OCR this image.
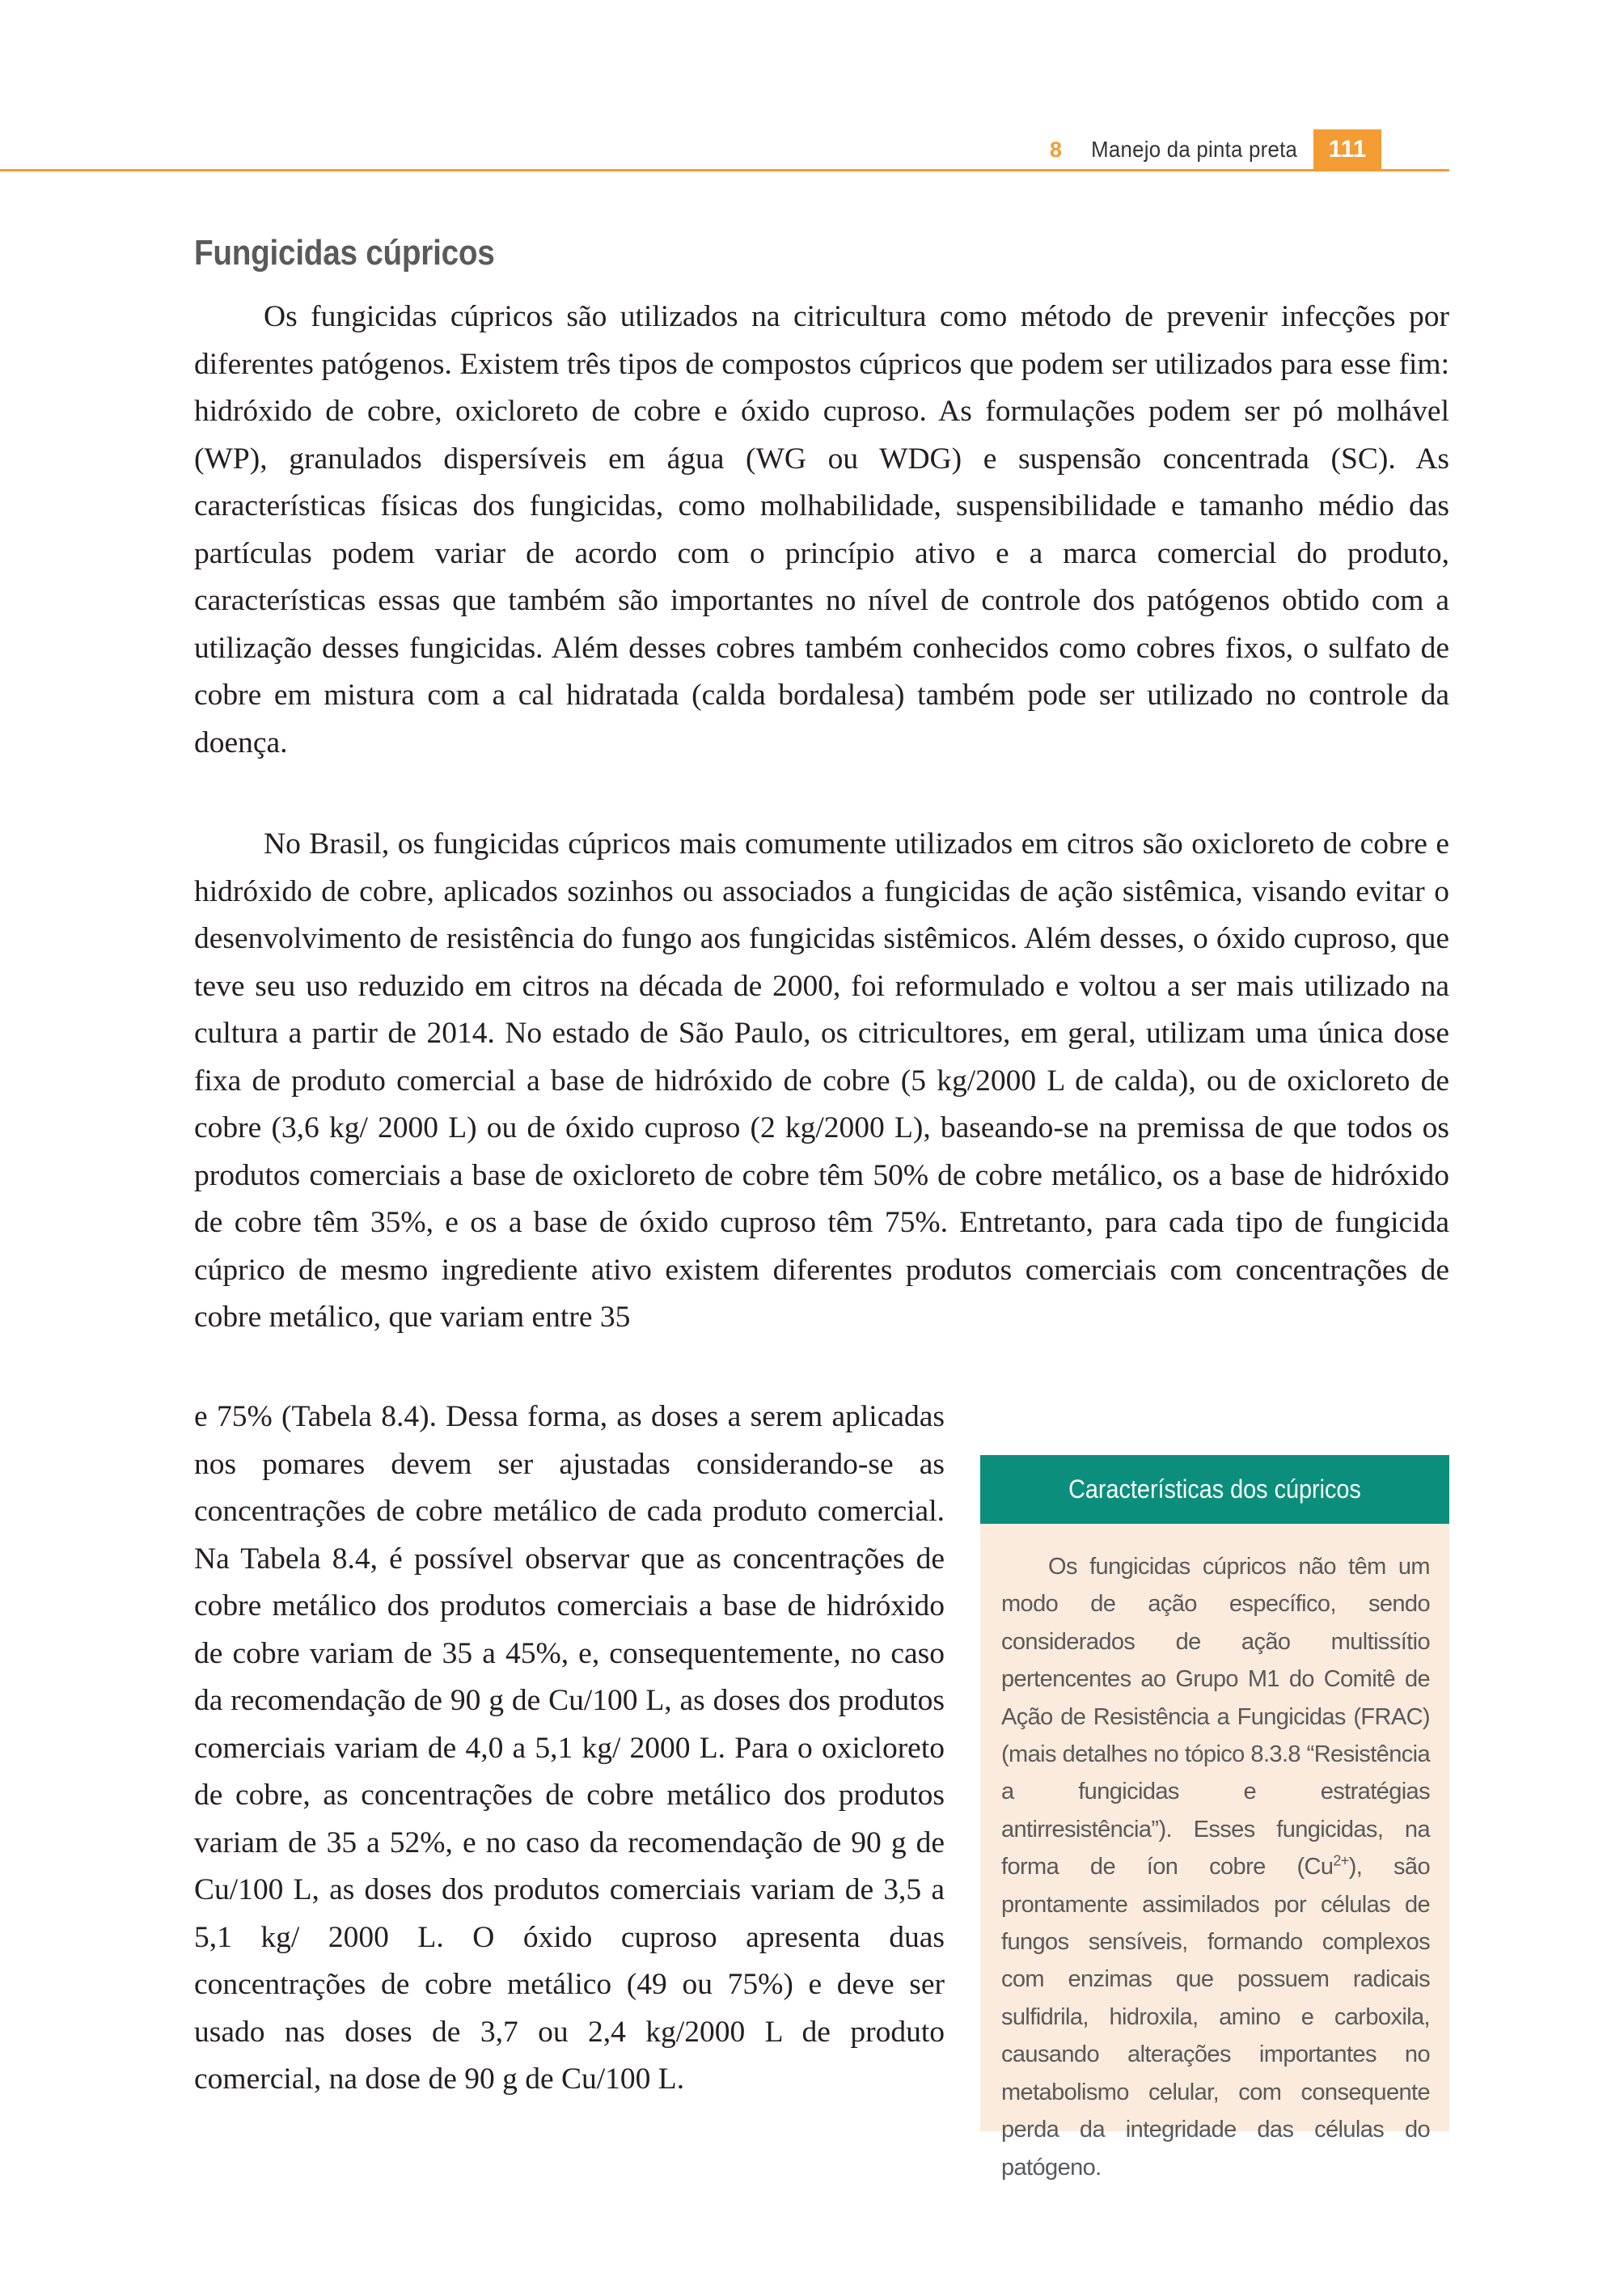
8 Manejo da pinta preta	111
Fungicidas cúpricos

Os fungicidas cúpricos são utilizados na citricultura como método de prevenir infecções por diferentes patógenos. Existem três tipos de compostos cúpricos que podem ser utilizados para esse fim: hidróxido de cobre, oxicloreto de cobre e óxido cuproso. As formulações podem ser pó molhável (WP), granulados dispersíveis em água (WG ou WDG) e suspensão concentrada (SC). As características físicas dos fungicidas, como molhabilidade, suspensibilidade e tamanho médio das partículas podem variar de acordo com o princípio ativo e a marca comercial do produto, características essas que também são importantes no nível de controle dos patógenos obtido com a utilização desses fungicidas. Além desses cobres também conhecidos como cobres fixos, o sulfato de cobre em mistura com a cal hidratada (calda bordalesa) também pode ser utilizado no controle da doença.

No Brasil, os fungicidas cúpricos mais comumente utilizados em citros são oxicloreto de cobre e hidróxido de cobre, aplicados sozinhos ou associados a fungicidas de ação sistêmica, visando evitar o desenvolvimento de resistência do fungo aos fungicidas sistêmicos. Além desses, o óxido cuproso, que teve seu uso reduzido em citros na década de 2000, foi reformulado e voltou a ser mais utilizado na cultura a partir de 2014. No estado de São Paulo, os citricultores, em geral, utilizam uma única dose fixa de produto comercial a base de hidróxido de cobre (5 kg/2000 L de calda), ou de oxicloreto de cobre (3,6 kg/ 2000 L) ou de óxido cuproso (2 kg/2000 L), baseando-se na premissa de que todos os produtos comerciais a base de oxicloreto de cobre têm 50% de cobre metálico, os a base de hidróxido de cobre têm 35%, e os a base de óxido cuproso têm 75%. Entretanto, para cada tipo de fungicida cúprico de mesmo ingrediente ativo existem diferentes produtos comerciais com concentrações de cobre metálico, que variam entre 35

e 75% (Tabela 8.4). Dessa forma, as doses a serem aplicadas nos pomares devem ser ajustadas considerando-se as concentrações de cobre metálico de cada produto comercial. Na Tabela 8.4, é possível observar que as concentrações de cobre metálico dos produtos comerciais a base de hidróxido de cobre variam de 35 a 45%, e, consequentemente, no caso da recomendação de 90 g de Cu/100 L, as doses dos produtos comerciais variam de 4,0 a 5,1 kg/ 2000 L. Para o oxicloreto de cobre, as concentrações de cobre metálico dos produtos variam de 35 a 52%, e no caso da recomendação de 90 g de Cu/100 L, as doses dos produtos comerciais variam de 3,5 a 5,1 kg/ 2000 L. O óxido cuproso apresenta duas concentrações de cobre metálico (49 ou 75%) e deve ser usado nas doses de 3,7 ou 2,4 kg/2000 L de produto comercial, na dose de 90 g de Cu/100 L.

Características dos cúpricos

Os fungicidas cúpricos não têm um modo de ação específico, sendo considerados de ação multissítio pertencentes ao Grupo M1 do Comitê de Ação de Resistência a Fungicidas (FRAC) (mais detalhes no tópico 8.3.8 “Resistência a fungicidas e estratégias antirresistência”). Esses fungicidas, na forma de íon cobre $(Cu^{2+})$, são prontamente assimilados por células de fungos sensíveis, formando complexos com enzimas que possuem radicais sulfidrila, hidroxila, amino e carboxila, causando alterações importantes no metabolismo celular, com consequente perda da integridade das células do patógeno.
